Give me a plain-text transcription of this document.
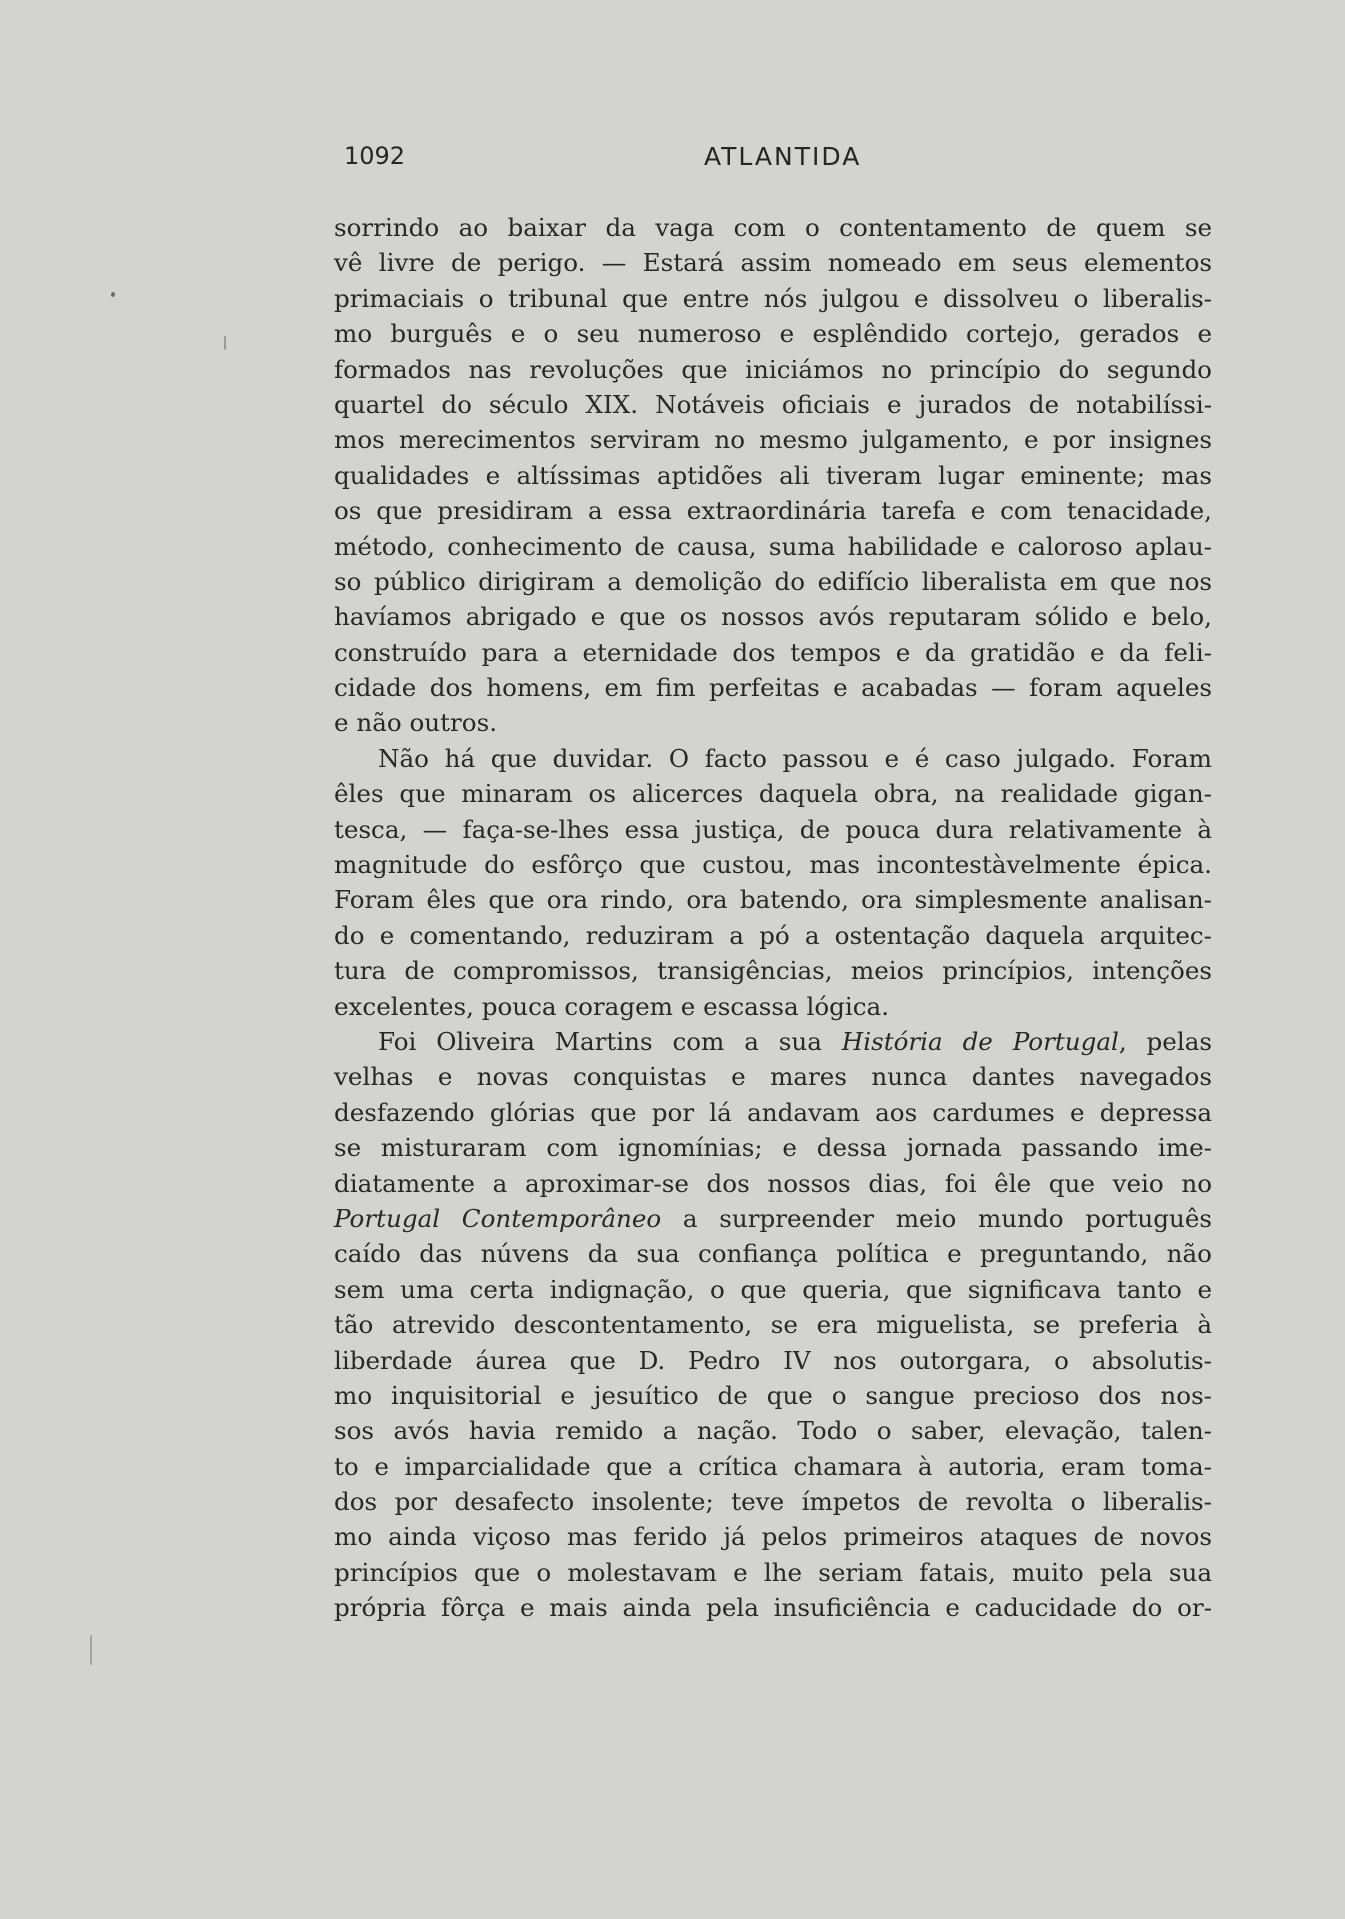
1092	ATLANTIDA
sorrindo ao baixar da vaga com o contentamento de quem se
vê livre de perigo. — Estará assim nomeado em seus elementos
primaciais o tribunal que entre nós julgou e dissolveu o liberalis-
mo burguês e o seu numeroso e esplêndido cortejo, gerados e
formados nas revoluções que iniciámos no princípio do segundo
quartel do século XIX. Notáveis oficiais e jurados de notabilíssi-
mos merecimentos serviram no mesmo julgamento, e por insignes
qualidades e altíssimas aptidões ali tiveram lugar eminente; mas
os que presidiram a essa extraordinária tarefa e com tenacidade,
método, conhecimento de causa, suma habilidade e caloroso aplau-
so público dirigiram a demolição do edifício liberalista em que nos
havíamos abrigado e que os nossos avós reputaram sólido e belo,
construído para a eternidade dos tempos e da gratidão e da feli-
cidade dos homens, em fim perfeitas e acabadas — foram aqueles
e não outros.
Não há que duvidar. O facto passou e é caso julgado. Foram
êles que minaram os alicerces daquela obra, na realidade gigan-
tesca, — faça-se-lhes essa justiça, de pouca dura relativamente à
magnitude do esfôrço que custou, mas incontestàvelmente épica.
Foram êles que ora rindo, ora batendo, ora simplesmente analisan-
do e comentando, reduziram a pó a ostentação daquela arquitec-
tura de compromissos, transigências, meios princípios, intenções
excelentes, pouca coragem e escassa lógica.
Foi Oliveira Martins com a sua História de Portugal, pelas
velhas e novas conquistas e mares nunca dantes navegados
desfazendo glórias que por lá andavam aos cardumes e depressa
se misturaram com ignomínias; e dessa jornada passando ime-
diatamente a aproximar-se dos nossos dias, foi êle que veio no
Portugal Contemporâneo a surpreender meio mundo português
caído das núvens da sua confiança política e preguntando, não
sem uma certa indignação, o que queria, que significava tanto e
tão atrevido descontentamento, se era miguelista, se preferia à
liberdade áurea que D. Pedro IV nos outorgara, o absolutis-
mo inquisitorial e jesuítico de que o sangue precioso dos nos-
sos avós havia remido a nação. Todo o saber, elevação, talen-
to e imparcialidade que a crítica chamara à autoria, eram toma-
dos por desafecto insolente; teve ímpetos de revolta o liberalis-
mo ainda viçoso mas ferido já pelos primeiros ataques de novos
princípios que o molestavam e lhe seriam fatais, muito pela sua
própria fôrça e mais ainda pela insuficiência e caducidade do or-
